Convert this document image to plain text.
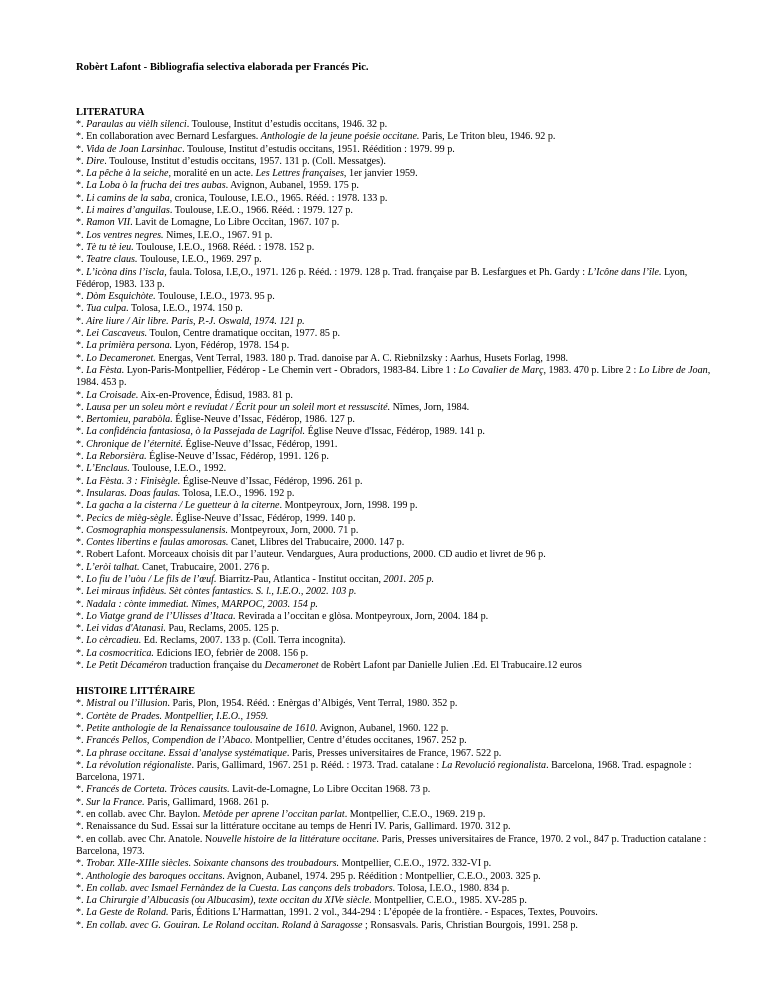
Robèrt Lafont - Bibliografia selectiva elaborada per Francés Pic.

LITERATURA

*. Paraulas au vièlh silenci. Toulouse, Institut d’estudis occitans, 1946. 32 p.
*. En collaboration avec Bernard Lesfargues. Anthologie de la jeune poésie occitane. Paris, Le Triton bleu, 1946. 92 p.
*. Vida de Joan Larsinhac. Toulouse, Institut d’estudis occitans, 1951. Réédition : 1979. 99 p.
*. Dire. Toulouse, Institut d’estudis occitans, 1957. 131 p. (Coll. Messatges).
*. La pêche à la seiche, moralité en un acte. Les Lettres françaises, 1er janvier 1959.
*. La Loba ò la frucha dei tres aubas. Avignon, Aubanel, 1959. 175 p.
*. Li camins de la saba, cronica, Toulouse, I.E.O., 1965. Rééd. : 1978. 133 p.
*. Li maires d’anguilas. Toulouse, I.E.O., 1966. Rééd. : 1979. 127 p.
*. Ramon VII. Lavit de Lomagne, Lo Libre Occitan, 1967. 107 p.
*. Los ventres negres. Nimes, I.E.O., 1967. 91 p.
*. Tè tu tè ieu. Toulouse, I.E.O., 1968. Rééd. : 1978. 152 p.
*. Teatre claus. Toulouse, I.E.O., 1969. 297 p.
*. L’icòna dins l’iscla, faula. Tolosa, I.E,O., 1971. 126 p. Rééd. : 1979. 128 p. Trad. française par B. Lesfargues et Ph. Gardy : L’Icône dans l’île. Lyon, Fédérop, 1983. 133 p.
*. Dòm Esquichòte. Toulouse, I.E.O., 1973. 95 p.
*. Tua culpa. Tolosa, I.E.O., 1974. 150 p.
*. Aire liure / Air libre. Paris, P.-J. Oswald, 1974. 121 p.
*. Lei Cascaveus. Toulon, Centre dramatique occitan, 1977. 85 p.
*. La primièra persona. Lyon, Fédérop, 1978. 154 p.
*. Lo Decameronet. Energas, Vent Terral, 1983. 180 p. Trad. danoise par A. C. Riebnilzsky : Aarhus, Husets Forlag, 1998.
*. La Fèsta. Lyon-Paris-Montpellier, Fédérop - Le Chemin vert - Obradors, 1983-84. Libre 1 : Lo Cavalier de Març, 1983. 470 p. Libre 2 : Lo Libre de Joan, 1984. 453 p.
*. La Croisade. Aix-en-Provence, Édisud, 1983. 81 p.
*. Lausa per un soleu mòrt e revíudat / Écrit pour un soleil mort et ressuscité. Nîmes, Jorn, 1984.
*. Bertomieu, parabòla. Église-Neuve d’Issac, Fédérop, 1986. 127 p.
*. La confidéncia fantasiosa, ò la Passejada de Lagrifol. Église Neuve d'Issac, Fédérop, 1989. 141 p.
*. Chronique de l’éternité. Église-Neuve d’Issac, Fédérop, 1991.
*. La Reborsièra. Église-Neuve d’Issac, Fédérop, 1991. 126 p.
*. L’Enclaus. Toulouse, I.E.O., 1992.
*. La Fèsta. 3 : Finisègle. Église-Neuve d’Issac, Fédérop, 1996. 261 p.
*. Insularas. Doas faulas. Tolosa, I.E.O., 1996. 192 p.
*. La gacha a la cisterna / Le guetteur à la citerne. Montpeyroux, Jorn, 1998. 199 p.
*. Pecics de mièg-sègle. Église-Neuve d’Issac, Fédérop, 1999. 140 p.
*. Cosmographia monspessulanensis. Montpeyroux, Jorn, 2000. 71 p.
*. Contes libertins e faulas amorosas. Canet, Llibres del Trabucaire, 2000. 147 p.
*. Robert Lafont. Morceaux choisis dit par l’auteur. Vendargues, Aura productions, 2000. CD audio et livret de 96 p.
*. L’eròi talhat. Canet, Trabucaire, 2001. 276 p.
*. Lo fiu de l’uòu / Le fils de l’œuf. Biarritz-Pau, Atlantica - Institut occitan, 2001. 205 p.
*. Lei miraus infidèus. Sèt còntes fantastics. S. l., I.E.O., 2002. 103 p.
*. Nadala : cònte immediat. Nîmes, MARPOC, 2003. 154 p.
*. Lo Viatge grand de l’Ulisses d’Itaca. Revirada a l’occitan e glòsa. Montpeyroux, Jorn, 2004. 184 p.
*. Lei vidas d'Atanasi. Pau, Reclams, 2005. 125 p.
*. Lo cèrcadieu. Ed. Reclams, 2007. 133 p. (Coll. Terra incognita).
*. La cosmocritica. Edicions IEO, febrièr de 2008. 156 p.
*. Le Petit Décaméron traduction française du Decameronet de Robèrt Lafont par Danielle Julien .Ed. El Trabucaire.12 euros

HISTOIRE LITTÉRAIRE

*. Mistral ou l’illusion. Paris, Plon, 1954. Rééd. : Enèrgas d’Albigés, Vent Terral, 1980. 352 p.
*. Cortète de Prades. Montpellier, I.E.O., 1959.
*. Petite anthologie de la Renaissance toulousaine de 1610. Avignon, Aubanel, 1960. 122 p.
*. Francés Pellos, Compendion de l’Abaco. Montpellier, Centre d’études occitanes, 1967. 252 p.
*. La phrase occitane. Essai d’analyse systématique. Paris, Presses universitaires de France, 1967. 522 p.
*. La révolution régionaliste. Paris, Gallimard, 1967. 251 p. Rééd. : 1973. Trad. catalane : La Revolució regionalista. Barcelona, 1968. Trad. espagnole : Barcelona, 1971.
*. Francés de Corteta. Tròces causits. Lavit-de-Lomagne, Lo Libre Occitan 1968. 73 p.
*. Sur la France. Paris, Gallimard, 1968. 261 p.
*. en collab. avec Chr. Baylon. Metòde per aprene l’occitan parlat. Montpellier, C.E.O., 1969. 219 p.
*. Renaissance du Sud. Essai sur la littérature occitane au temps de Henri IV. Paris, Gallimard. 1970. 312 p.
*. en collab. avec Chr. Anatole. Nouvelle histoire de la littérature occitane. Paris, Presses universitaires de France, 1970. 2 vol., 847 p. Traduction catalane : Barcelona, 1973.
*. Trobar. XIIe-XIIIe siècles. Soixante chansons des troubadours. Montpellier, C.E.O., 1972. 332-VI p.
*. Anthologie des baroques occitans. Avignon, Aubanel, 1974. 295 p. Réédition : Montpellier, C.E.O., 2003. 325 p.
*. En collab. avec Ismael Fernàndez de la Cuesta. Las cançons dels trobadors. Tolosa, I.E.O., 1980. 834 p.
*. La Chirurgie d’Albucasis (ou Albucasim), texte occitan du XIVe siècle. Montpellier, C.E.O., 1985. XV-285 p.
*. La Geste de Roland. Paris, Éditions L’Harmattan, 1991. 2 vol., 344-294 : L’épopée de la frontière. - Espaces, Textes, Pouvoirs.
*. En collab. avec G. Gouiran. Le Roland occitan. Roland à Saragosse ; Ronsasvals. Paris, Christian Bourgois, 1991. 258 p.
